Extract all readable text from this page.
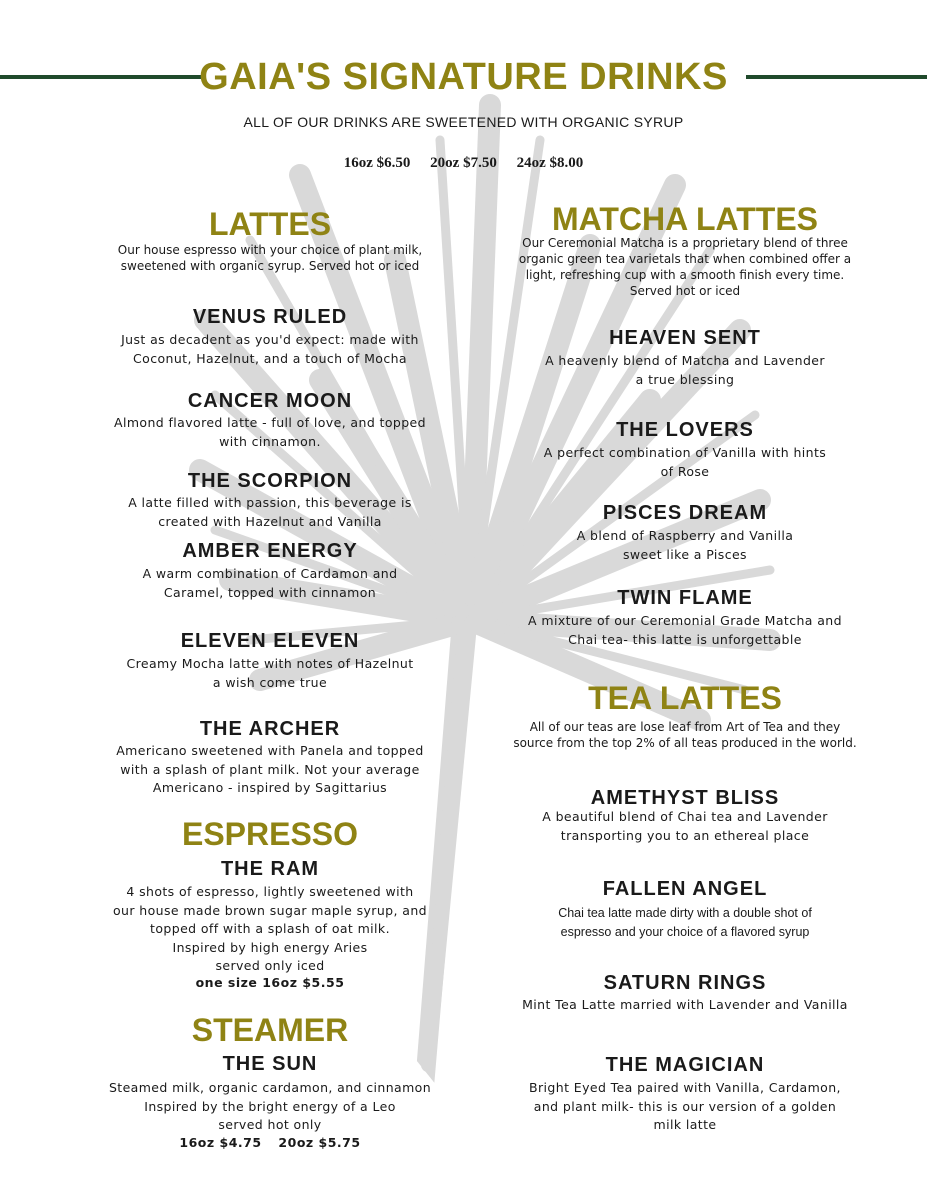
GAIA'S SIGNATURE DRINKS
ALL OF OUR DRINKS ARE SWEETENED WITH ORGANIC SYRUP
16oz $6.50 20oz $7.50 24oz $8.00
LATTES
Our house espresso with your choice of plant milk,
sweetened with organic syrup. Served hot or iced
VENUS RULED
Just as decadent as you'd expect: made with
Coconut, Hazelnut, and a touch of Mocha
CANCER MOON
Almond flavored latte - full of love, and topped
with cinnamon.
THE SCORPION
A latte filled with passion, this beverage is
created with Hazelnut and Vanilla
AMBER ENERGY
A warm combination of Cardamon and
Caramel, topped with cinnamon
ELEVEN ELEVEN
Creamy Mocha latte with notes of Hazelnut
a wish come true
THE ARCHER
Americano sweetened with Panela and topped
with a splash of plant milk. Not your average
Americano - inspired by Sagittarius
ESPRESSO
THE RAM
4 shots of espresso, lightly sweetened with
our house made brown sugar maple syrup, and
topped off with a splash of oat milk.
Inspired by high energy Aries
served only iced
one size 16oz $5.55
STEAMER
THE SUN
Steamed milk, organic cardamon, and cinnamon
Inspired by the bright energy of a Leo
served hot only
16oz $4.75 20oz $5.75
MATCHA LATTES
Our Ceremonial Matcha is a proprietary blend of three
organic green tea varietals that when combined offer a
light, refreshing cup with a smooth finish every time.
Served hot or iced
HEAVEN SENT
A heavenly blend of Matcha and Lavender
a true blessing
THE LOVERS
A perfect combination of Vanilla with hints
of Rose
PISCES DREAM
A blend of Raspberry and Vanilla
sweet like a Pisces
TWIN FLAME
A mixture of our Ceremonial Grade Matcha and
Chai tea- this latte is unforgettable
TEA LATTES
All of our teas are lose leaf from Art of Tea and they
source from the top 2% of all teas produced in the world.
AMETHYST BLISS
A beautiful blend of Chai tea and Lavender
transporting you to an ethereal place
FALLEN ANGEL
Chai tea latte made dirty with a double shot of
espresso and your choice of a flavored syrup
SATURN RINGS
Mint Tea Latte married with Lavender and Vanilla
THE MAGICIAN
Bright Eyed Tea paired with Vanilla, Cardamon,
and plant milk- this is our version of a golden
milk latte
